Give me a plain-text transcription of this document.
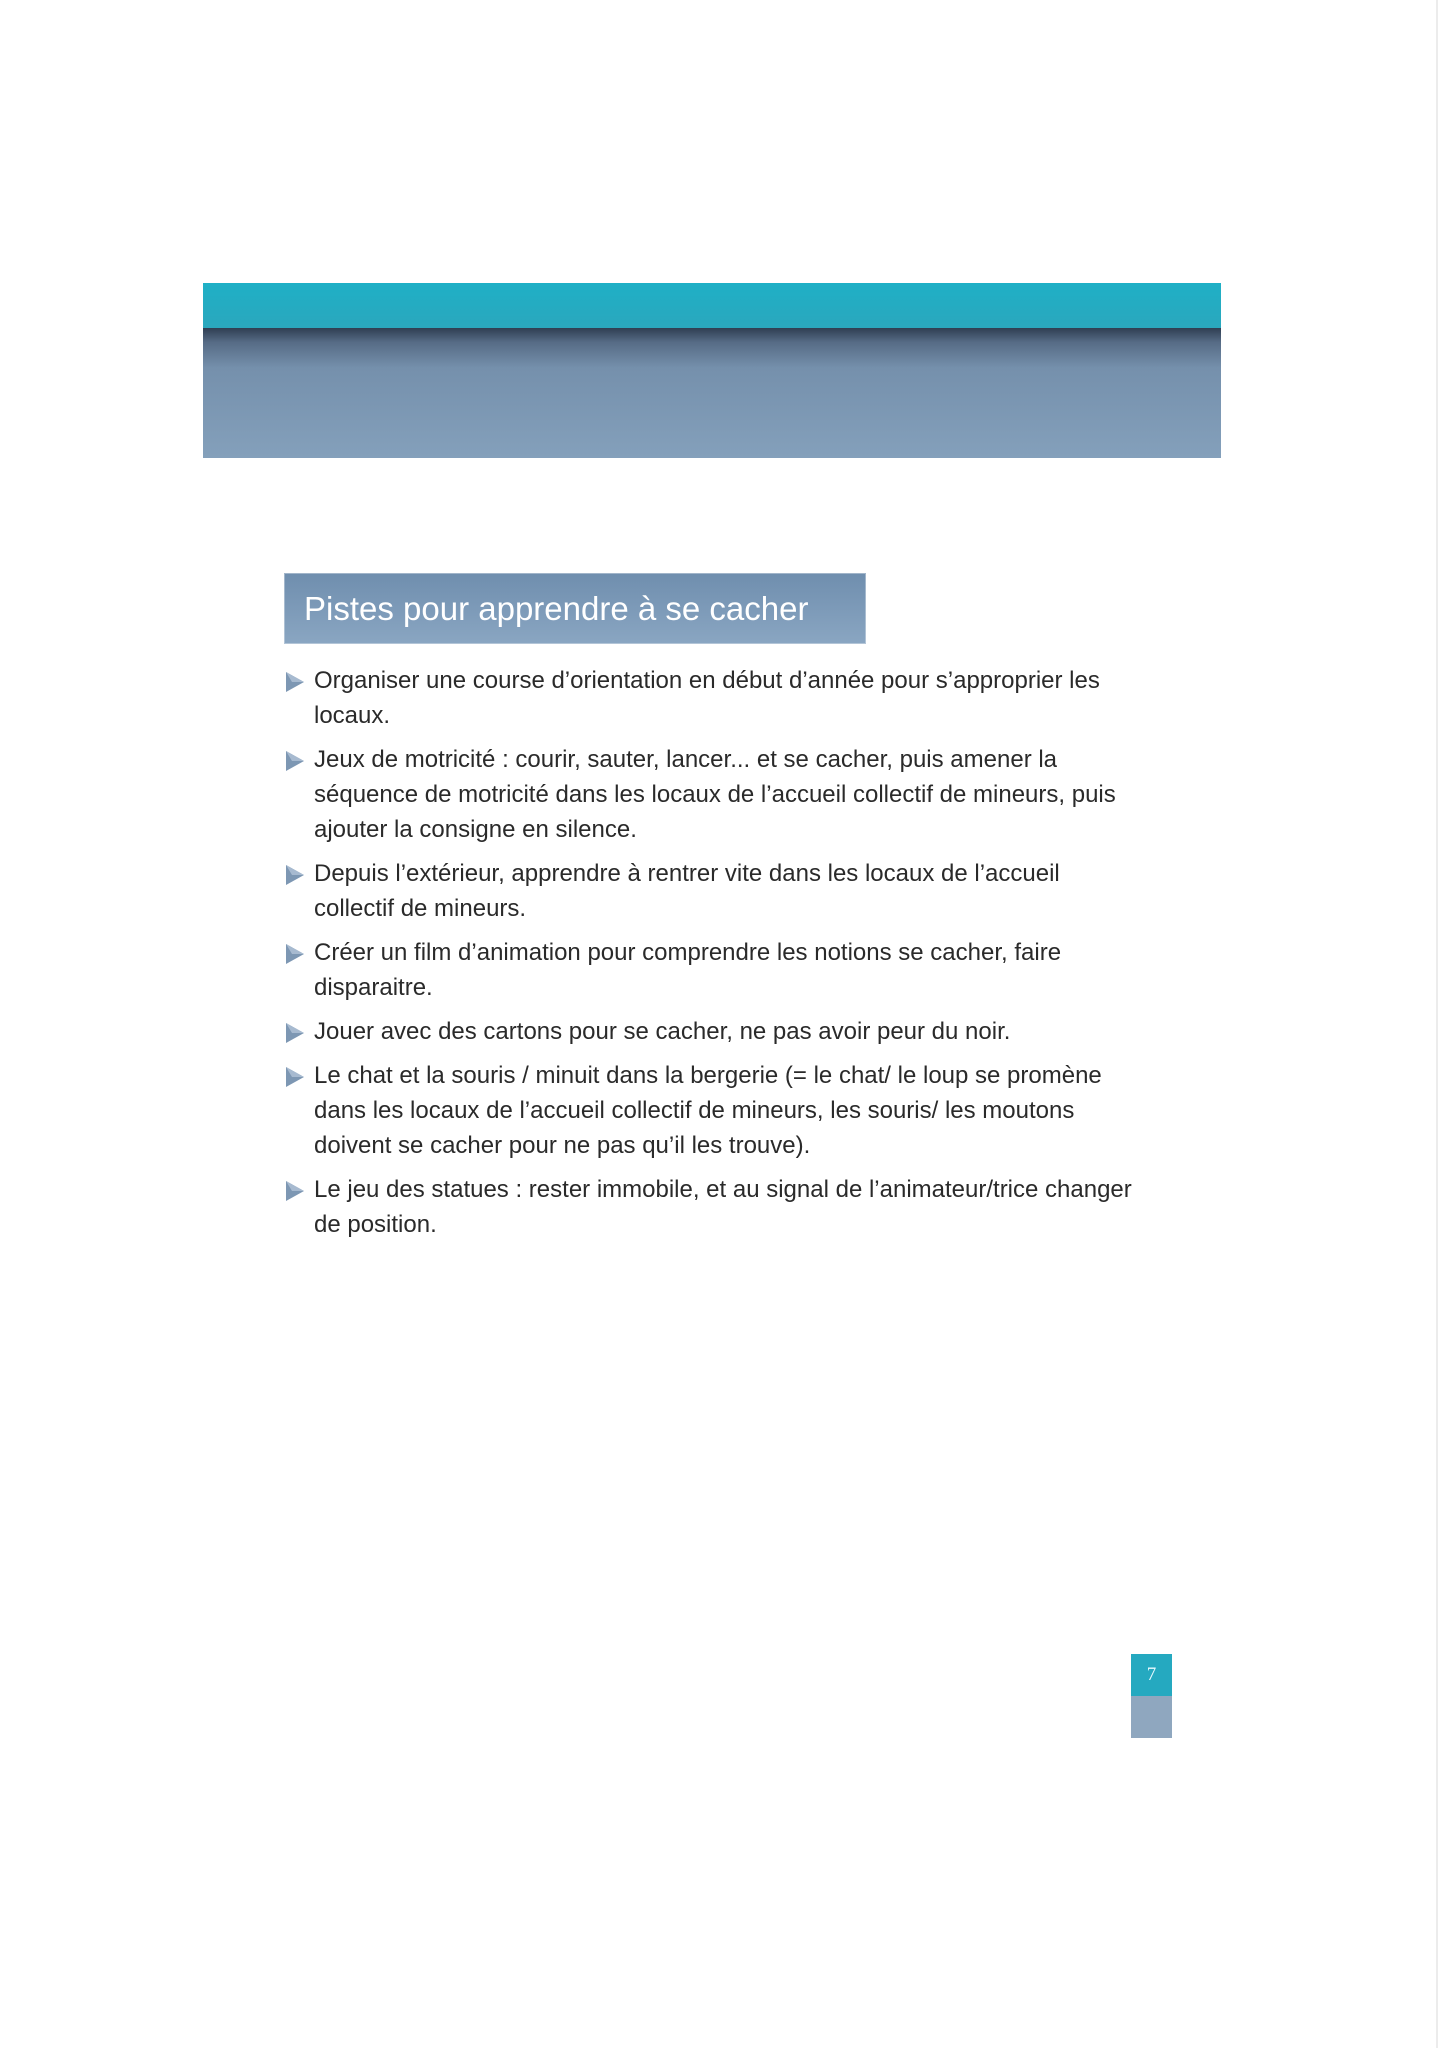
Pistes pour apprendre à se cacher
Organiser une course d’orientation en début d’année pour s’approprier les locaux.
Jeux de motricité : courir, sauter, lancer... et se cacher, puis amener la séquence de motricité dans les locaux de l’accueil collectif de mineurs, puis ajouter la consigne en silence.
Depuis l’extérieur, apprendre à rentrer vite dans les locaux de l’accueil collectif de mineurs.
Créer un film d’animation pour comprendre les notions se cacher, faire disparaitre.
Jouer avec des cartons pour se cacher, ne pas avoir peur du noir.
Le chat et la souris / minuit dans la bergerie (= le chat/ le loup se promène dans les locaux de l’accueil collectif de mineurs, les souris/ les moutons doivent se cacher pour ne pas qu’il les trouve).
Le jeu des statues : rester immobile, et au signal de l’animateur/trice changer de position.
7
